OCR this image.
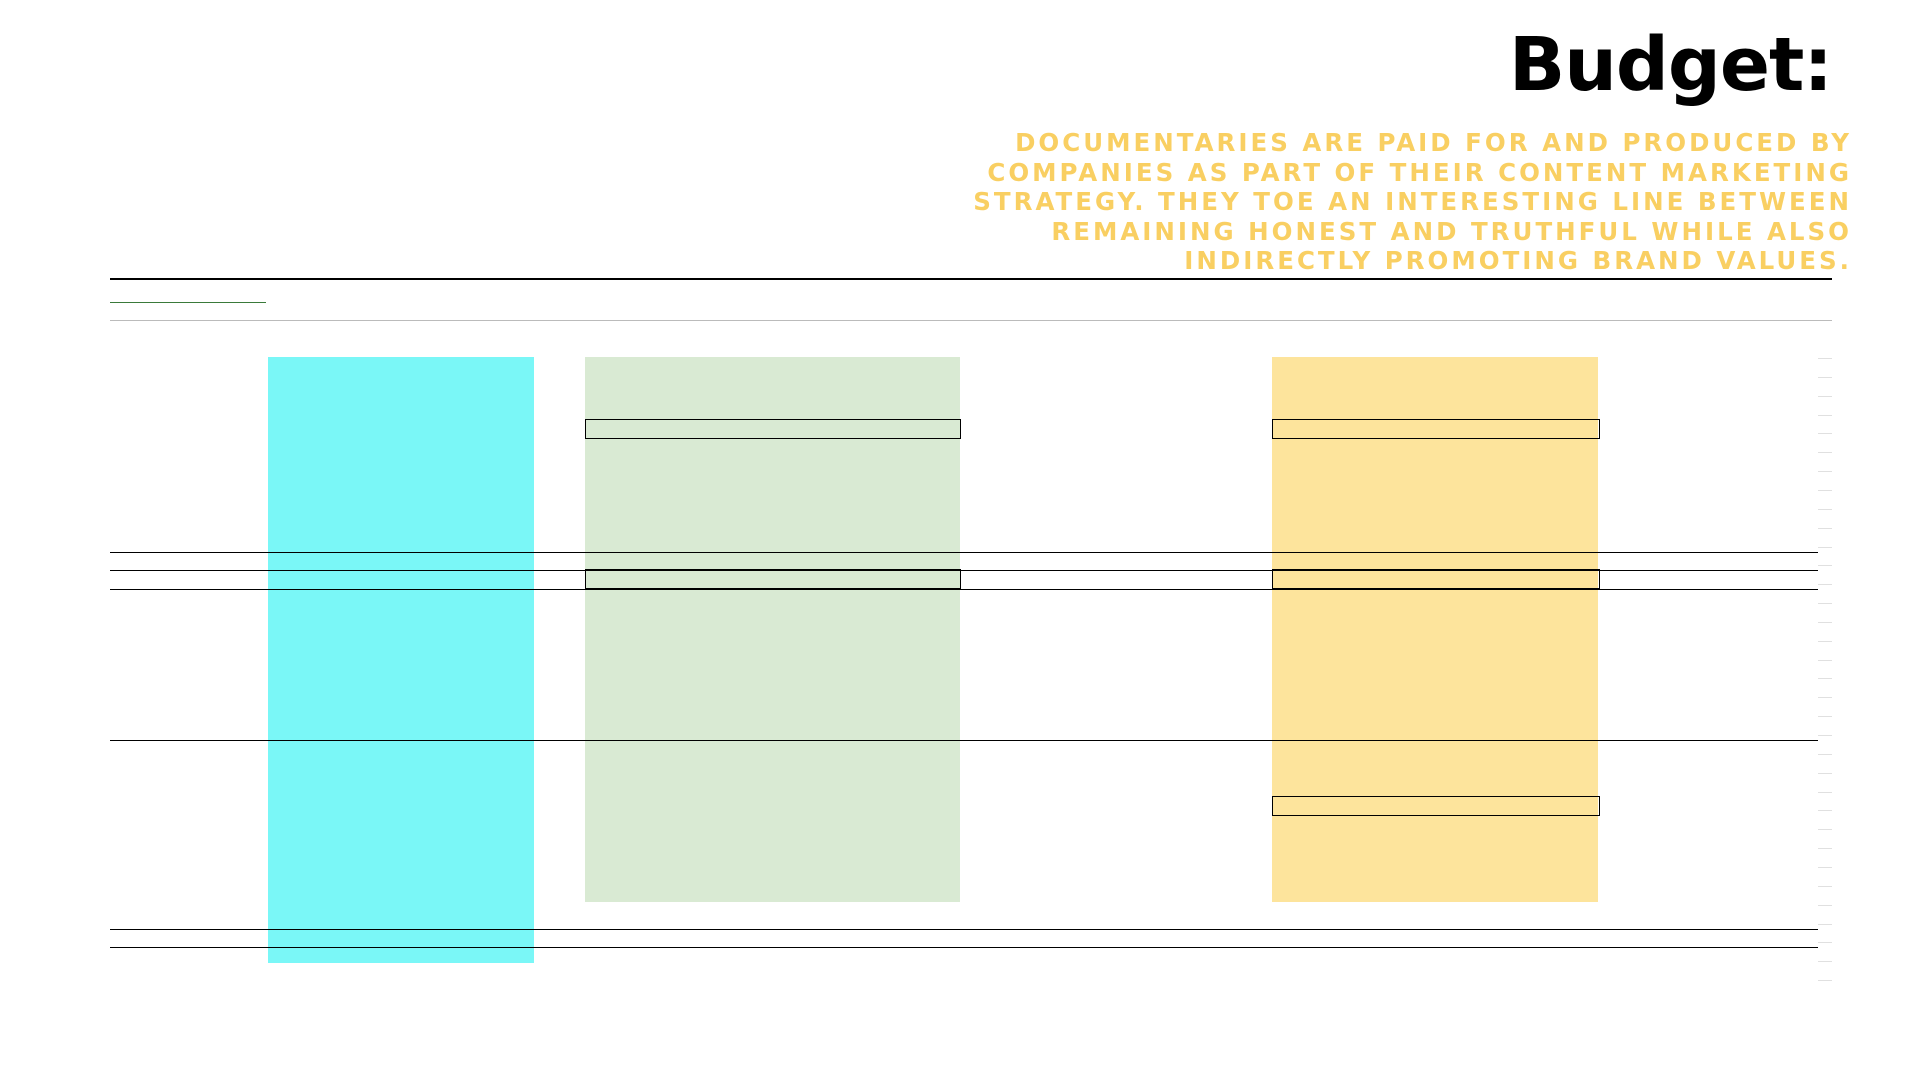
Budget:
DOCUMENTARIES ARE PAID FOR AND PRODUCED BY COMPANIES AS PART OF THEIR CONTENT MARKETING STRATEGY. THEY TOE AN INTERESTING LINE BETWEEN REMAINING HONEST AND TRUTHFUL WHILE ALSO INDIRECTLY PROMOTING BRAND VALUES.
